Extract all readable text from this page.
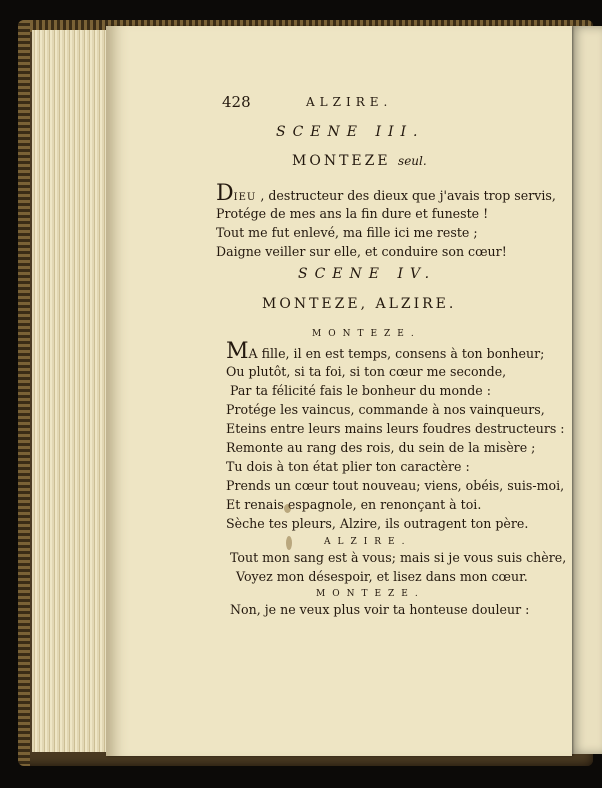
428	ALZIRE.
SCENE III.
MONTEZE seul.
DIEU , destructeur des dieux que j'avais trop servis,
Protége de mes ans la fin dure et funeste !
Tout me fut enlevé, ma fille ici me reste ;
Daigne veiller sur elle, et conduire son cœur!
SCENE IV.
MONTEZE, ALZIRE.
MONTEZE.
MA fille, il en est temps, consens à ton bonheur;
Ou plutôt, si ta foi, si ton cœur me seconde,
Par ta félicité fais le bonheur du monde :
Protége les vaincus, commande à nos vainqueurs,
Eteins entre leurs mains leurs foudres destructeurs :
Remonte au rang des rois, du sein de la misère ;
Tu dois à ton état plier ton caractère :
Prends un cœur tout nouveau; viens, obéis, suis-moi,
Et renais espagnole, en renonçant à toi.
Sèche tes pleurs, Alzire, ils outragent ton père.
ALZIRE.
Tout mon sang est à vous; mais si je vous suis chère,
Voyez mon désespoir, et lisez dans mon cœur.
MONTEZE.
Non, je ne veux plus voir ta honteuse douleur :
